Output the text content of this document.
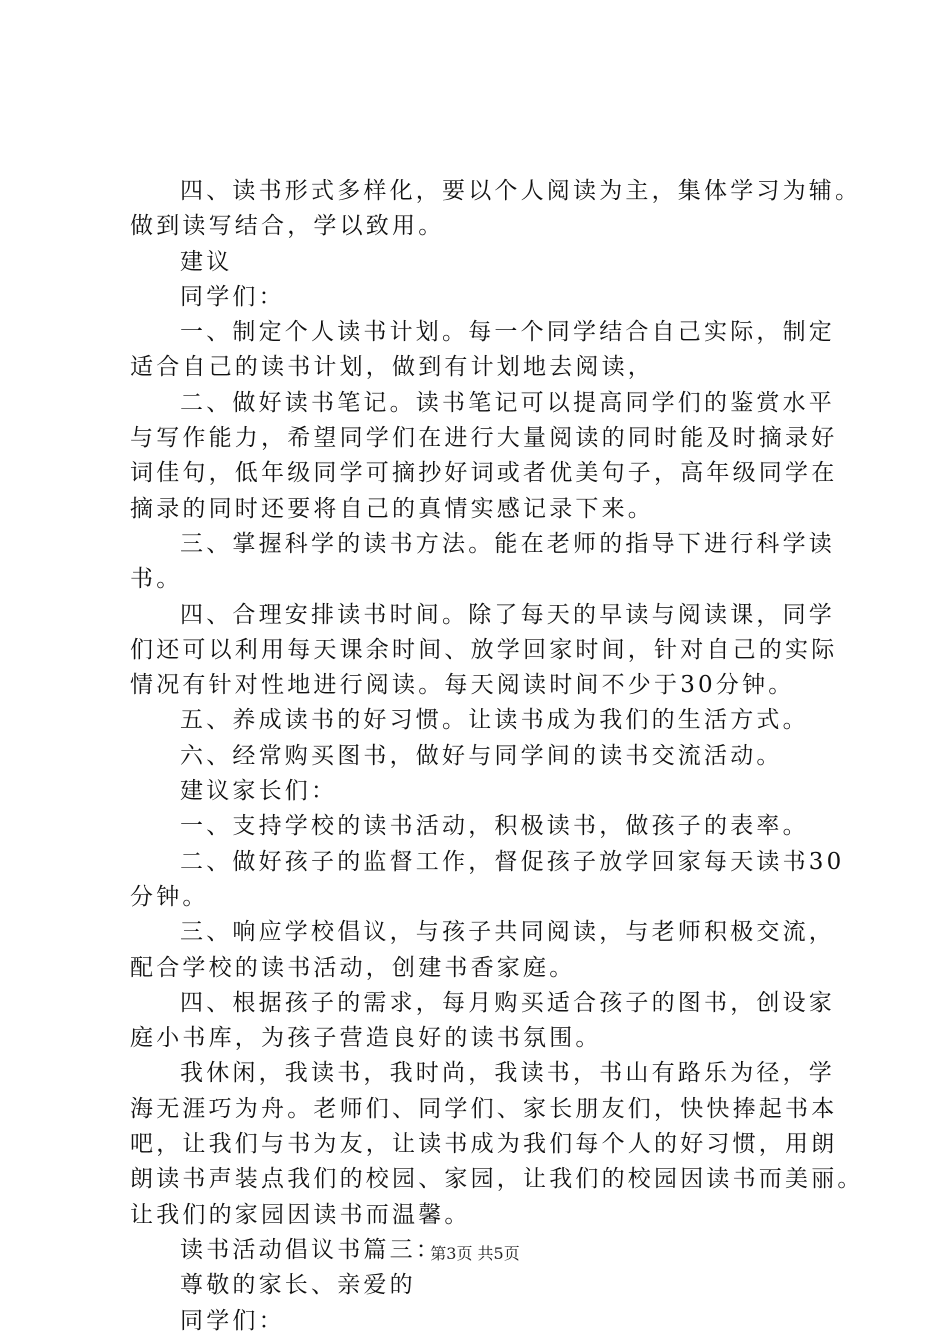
四、读书形式多样化，要以个人阅读为主，集体学习为辅。
做到读写结合，学以致用。
建议
同学们：
一、制定个人读书计划。每一个同学结合自己实际，制定
适合自己的读书计划，做到有计划地去阅读，
二、做好读书笔记。读书笔记可以提高同学们的鉴赏水平
与写作能力，希望同学们在进行大量阅读的同时能及时摘录好
词佳句，低年级同学可摘抄好词或者优美句子，高年级同学在
摘录的同时还要将自己的真情实感记录下来。
三、掌握科学的读书方法。能在老师的指导下进行科学读
书。
四、合理安排读书时间。除了每天的早读与阅读课，同学
们还可以利用每天课余时间、放学回家时间，针对自己的实际
情况有针对性地进行阅读。每天阅读时间不少于30分钟。
五、养成读书的好习惯。让读书成为我们的生活方式。
六、经常购买图书，做好与同学间的读书交流活动。
建议家长们：
一、支持学校的读书活动，积极读书，做孩子的表率。
二、做好孩子的监督工作，督促孩子放学回家每天读书30
分钟。
三、响应学校倡议，与孩子共同阅读，与老师积极交流，
配合学校的读书活动，创建书香家庭。
四、根据孩子的需求，每月购买适合孩子的图书，创设家
庭小书库，为孩子营造良好的读书氛围。
我休闲，我读书，我时尚，我读书，书山有路乐为径，学
海无涯巧为舟。老师们、同学们、家长朋友们，快快捧起书本
吧，让我们与书为友，让读书成为我们每个人的好习惯，用朗
朗读书声装点我们的校园、家园，让我们的校园因读书而美丽。
让我们的家园因读书而温馨。
读书活动倡议书篇三：
尊敬的家长、亲爱的
同学们：
第3页 共5页
